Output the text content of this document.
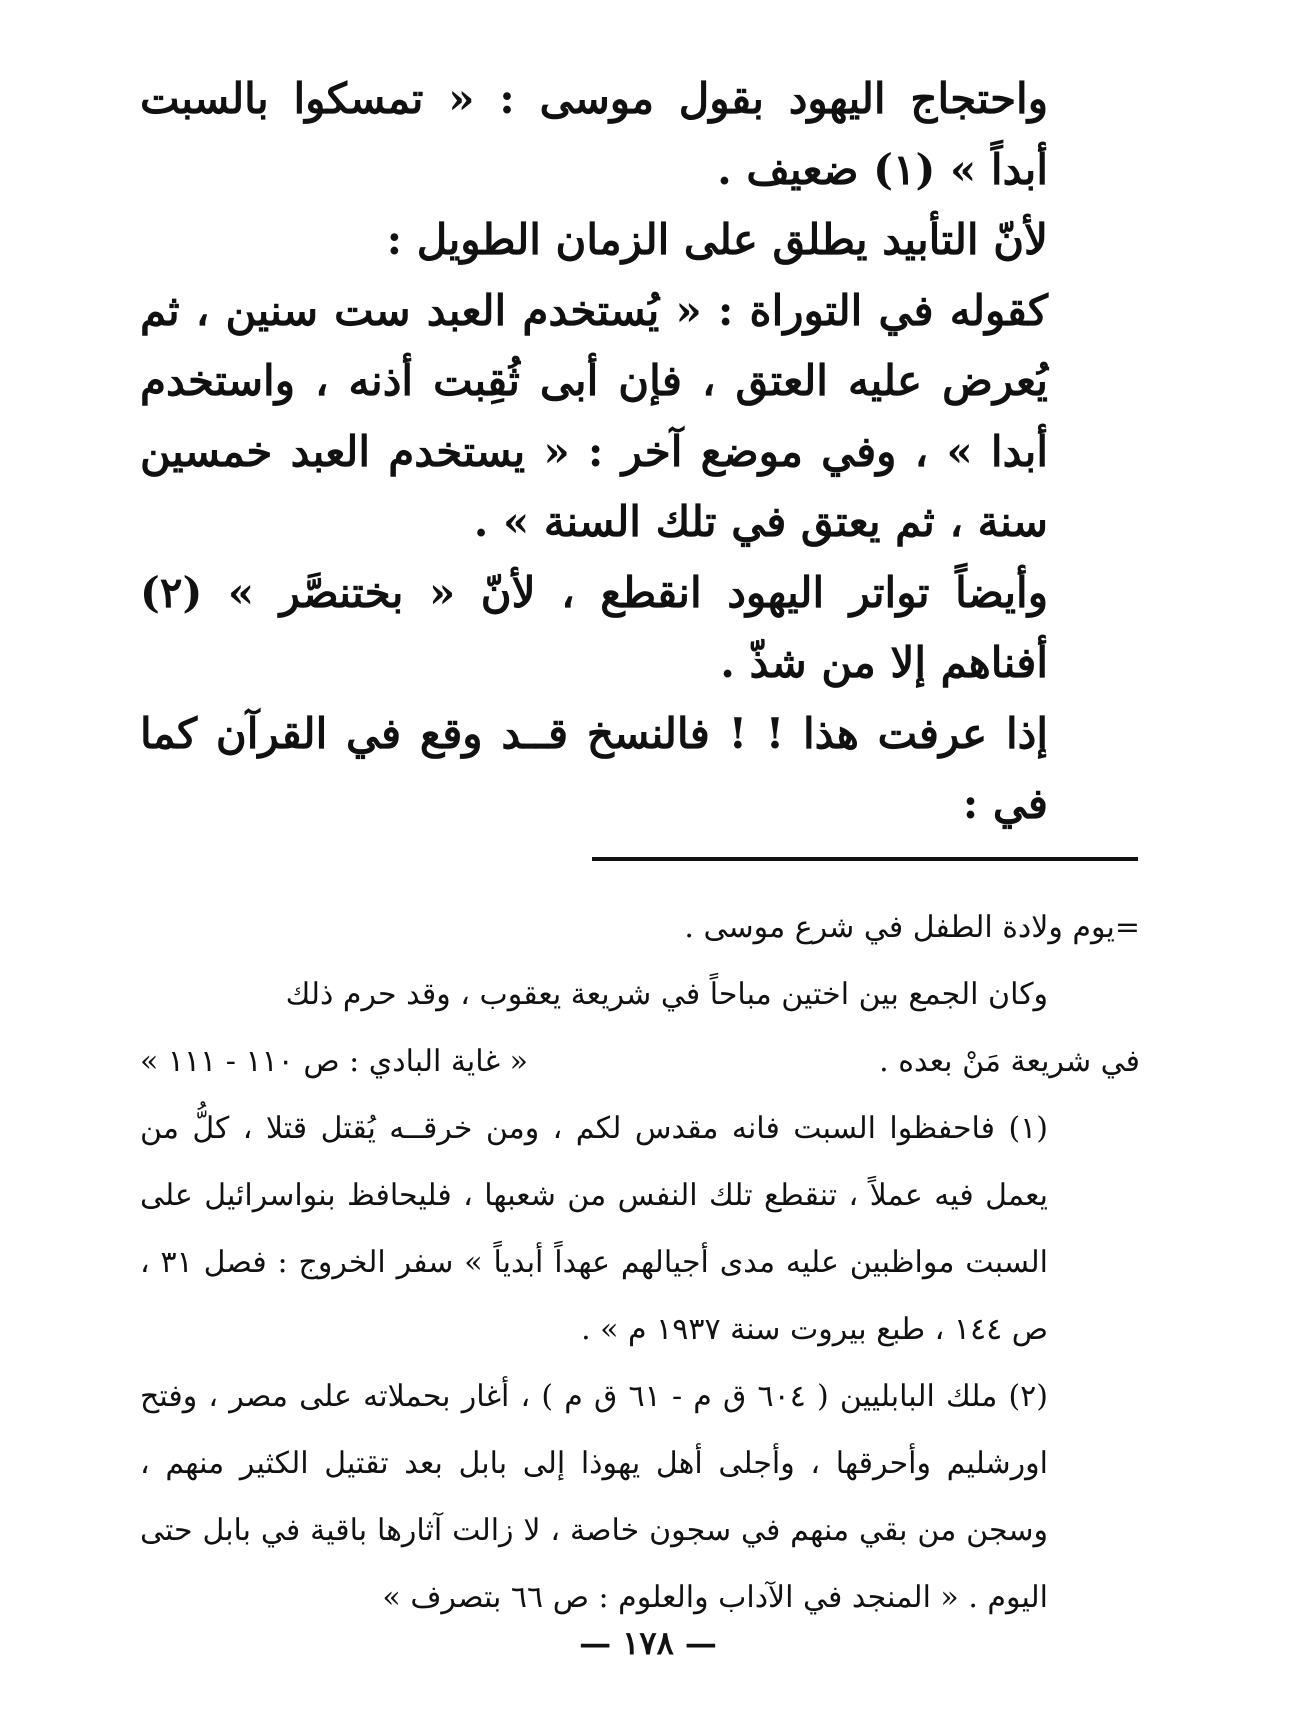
واحتجاج اليهود بقول موسى : « تمسكوا بالسبت أبداً » (١) ضعيف .

لأنّ التأبيد يطلق على الزمان الطويل :

كقوله في التوراة : « يُستخدم العبد ست سنين ، ثم يُعرض عليه العتق ، فإن أبى ثُقِبت أذنه ، واستخدم أبدا » ، وفي موضع آخر : « يستخدم العبد خمسين سنة ، ثم يعتق في تلك السنة » .

وأيضاً تواتر اليهود انقطع ، لأنّ « بختنصَّر » (٢) أفناهم إلا من شذّ .

إذا عرفت هذا ! ! فالنسخ قــد وقع في القرآن كما في :

=يوم ولادة الطفل في شرع موسى .

وكان الجمع بين اختين مباحاً في شريعة يعقوب ، وقد حرم ذلك

في شريعة مَنْ بعده .
« غاية البادي : ص ١١٠ - ١١١ »

(١) فاحفظوا السبت فانه مقدس لكم ، ومن خرقــه يُقتل قتلا ، كلُّ من يعمل فيه عملاً ، تنقطع تلك النفس من شعبها ، فليحافظ بنواسرائيل على السبت مواظبين عليه مدى أجيالهم عهداً أبدياً » سفر الخروج : فصل ٣١ ، ص ١٤٤ ، طبع بيروت سنة ١٩٣٧ م » .

(٢) ملك البابليين ( ٦٠٤ ق م - ٦١ ق م ) ، أغار بحملاته على مصر ، وفتح اورشليم وأحرقها ، وأجلى أهل يهوذا إلى بابل بعد تقتيل الكثير منهم ، وسجن من بقي منهم في سجون خاصة ، لا زالت آثارها باقية في بابل حتى اليوم . « المنجد في الآداب والعلوم : ص ٦٦ بتصرف »

— ١٧٨ —
